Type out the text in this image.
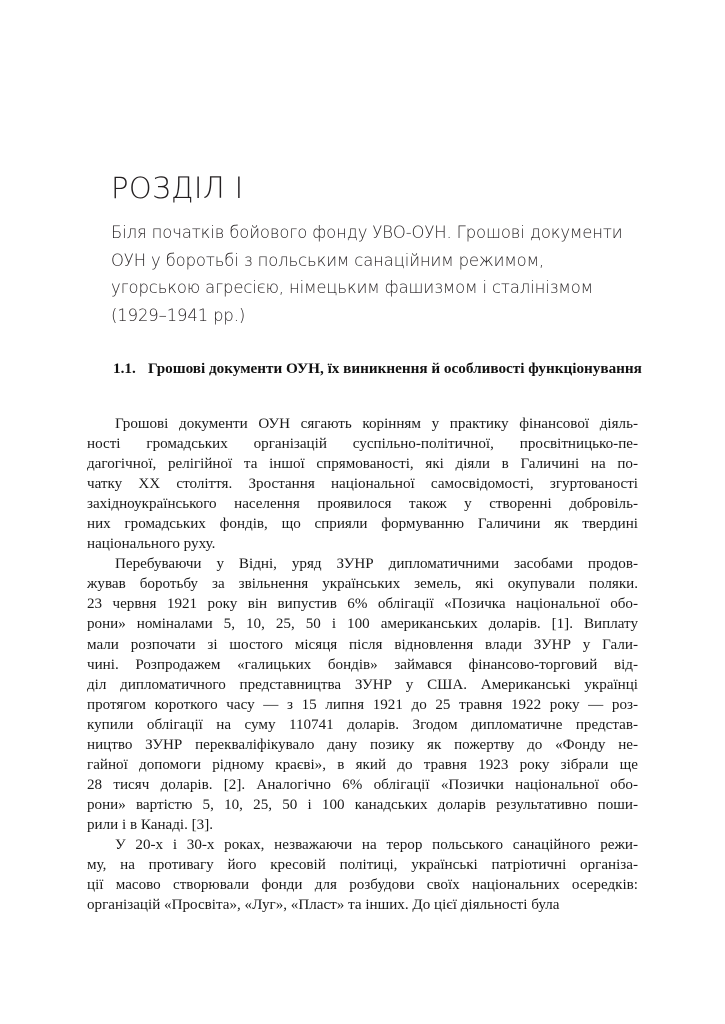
РОЗДІЛ І
Біля початків бойового фонду УВО-ОУН. Грошові документи
ОУН у боротьбі з польським санаційним режимом,
угорською агресією, німецьким фашизмом і сталінізмом
(1929–1941 рр.)
1.1. Грошові документи ОУН, їх виникнення й особливості функціонування

Грошові документи ОУН сягають корінням у практику фінансової діяль-
ності громадських організацій суспільно-політичної, просвітницько-пе-
дагогічної, релігійної та іншої спрямованості, які діяли в Галичині на по-
чатку XX століття. Зростання національної самосвідомості, згуртованості
західноукраїнського населення проявилося також у створенні добровіль-
них громадських фондів, що сприяли формуванню Галичини як твердині
національного руху.

Перебуваючи у Відні, уряд ЗУНР дипломатичними засобами продов-
жував боротьбу за звільнення українських земель, які окупували поляки.
23 червня 1921 року він випустив 6% облігації «Позичка національної обо-
рони» номіналами 5, 10, 25, 50 і 100 американських доларів. [1]. Виплату
мали розпочати зі шостого місяця після відновлення влади ЗУНР у Гали-
чині. Розпродажем «галицьких бондів» займався фінансово-торговий від-
діл дипломатичного представництва ЗУНР у США. Американські українці
протягом короткого часу — з 15 липня 1921 до 25 травня 1922 року — роз-
купили облігації на суму 110741 доларів. Згодом дипломатичне представ-
ництво ЗУНР перекваліфікувало дану позику як пожертву до «Фонду не-
гайної допомоги рідному краєві», в який до травня 1923 року зібрали ще
28 тисяч доларів. [2]. Аналогічно 6% облігації «Позички національної обо-
рони» вартістю 5, 10, 25, 50 і 100 канадських доларів результативно поши-
рили і в Канаді. [3].

У 20-х і 30-х роках, незважаючи на терор польського санаційного режи-
му, на противагу його кресовій політиці, українські патріотичні організа-
ції масово створювали фонди для розбудови своїх національних осередків:
організацій «Просвіта», «Луг», «Пласт» та інших. До цієї діяльності була
